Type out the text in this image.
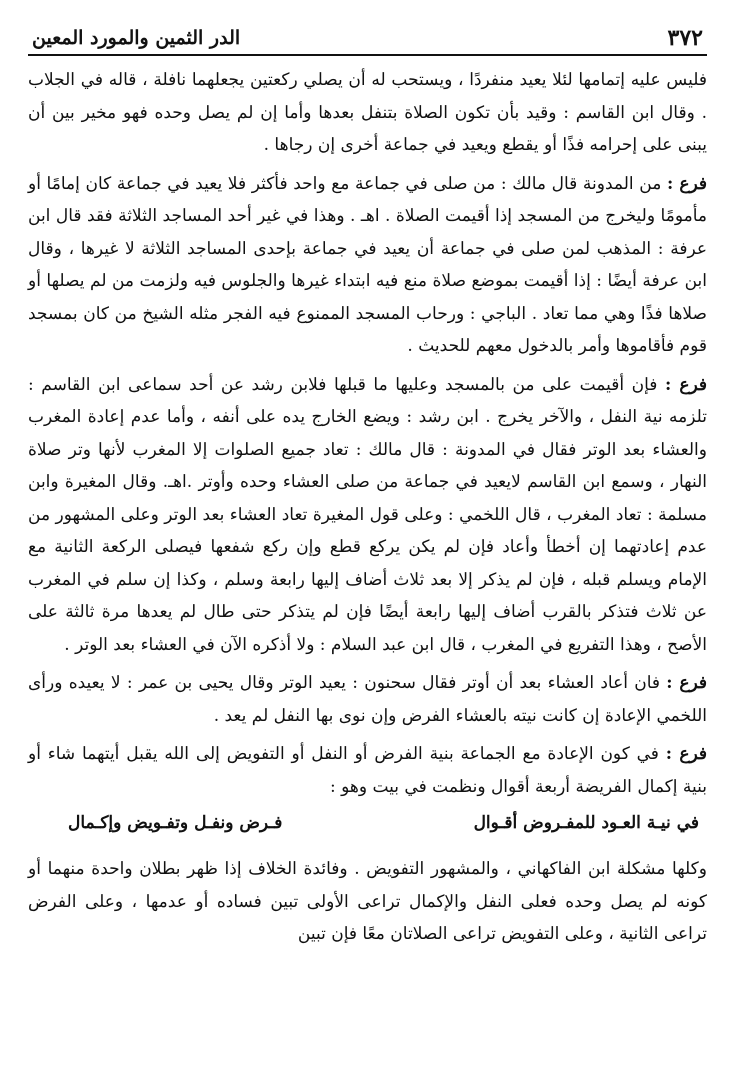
٣٧٢
الدر الثمين والمورد المعين

فليس عليه إتمامها لئلا يعيد منفردًا ، ويستحب له أن يصلي ركعتين يجعلهما نافلة ، قاله في الجلاب . وقال ابن القاسم : وقيد بأن تكون الصلاة بتنفل بعدها وأما إن لم يصل وحده فهو مخير بين أن يبنى على إحرامه فذًا أو يقطع ويعيد في جماعة أخرى إن رجاها .

فرع : من المدونة قال مالك : من صلى في جماعة مع واحد فأكثر فلا يعيد في جماعة كان إمامًا أو مأمومًا وليخرج من المسجد إذا أقيمت الصلاة . اهـ . وهذا في غير أحد المساجد الثلاثة فقد قال ابن عرفة : المذهب لمن صلى في جماعة أن يعيد في جماعة بإحدى المساجد الثلاثة لا غيرها ، وقال ابن عرفة أيضًا : إذا أقيمت بموضع صلاة منع فيه ابتداء غيرها والجلوس فيه ولزمت من لم يصلها أو صلاها فذًا وهي مما تعاد . الباجي : ورحاب المسجد الممنوع فيه الفجر مثله الشيخ من كان بمسجد قوم فأقاموها وأمر بالدخول معهم للحديث .

فرع : فإن أقيمت على من بالمسجد وعليها ما قبلها فلابن رشد عن أحد سماعى ابن القاسم : تلزمه نية النفل ، والآخر يخرج . ابن رشد : ويضع الخارج يده على أنفه ، وأما عدم إعادة المغرب والعشاء بعد الوتر فقال في المدونة : قال مالك : تعاد جميع الصلوات إلا المغرب لأنها وتر صلاة النهار ، وسمع ابن القاسم لايعيد في جماعة من صلى العشاء وحده وأوتر .اهـ. وقال المغيرة وابن مسلمة : تعاد المغرب ، قال اللخمي : وعلى قول المغيرة تعاد العشاء بعد الوتر وعلى المشهور من عدم إعادتهما إن أخطأ وأعاد فإن لم يكن يركع قطع وإن ركع شفعها فيصلى الركعة الثانية مع الإمام ويسلم قبله ، فإن لم يذكر إلا بعد ثلاث أضاف إليها رابعة وسلم ، وكذا إن سلم في المغرب عن ثلاث فتذكر بالقرب أضاف إليها رابعة أيضًا فإن لم يتذكر حتى طال لم يعدها مرة ثالثة على الأصح ، وهذا التفريع في المغرب ، قال ابن عبد السلام : ولا أذكره الآن في العشاء بعد الوتر .

فرع : فان أعاد العشاء بعد أن أوتر فقال سحنون : يعيد الوتر وقال يحيى بن عمر : لا يعيده ورأى اللخمي الإعادة إن كانت نيته بالعشاء الفرض وإن نوى بها النفل لم يعد .

فرع : في كون الإعادة مع الجماعة بنية الفرض أو النفل أو التفويض إلى الله يقبل أيتهما شاء أو بنية إكمال الفريضة أربعة أقوال ونظمت في بيت وهو :

في نيـة العـود للمفـروض أقـوال
فـرض ونفـل وتفـويض وإكـمال

وكلها مشكلة ابن الفاكهاني ، والمشهور التفويض . وفائدة الخلاف إذا ظهر بطلان واحدة منهما أو كونه لم يصل وحده فعلى النفل والإكمال تراعى الأولى تبين فساده أو عدمها ، وعلى الفرض تراعى الثانية ، وعلى التفويض تراعى الصلاتان معًا فإن تبين
